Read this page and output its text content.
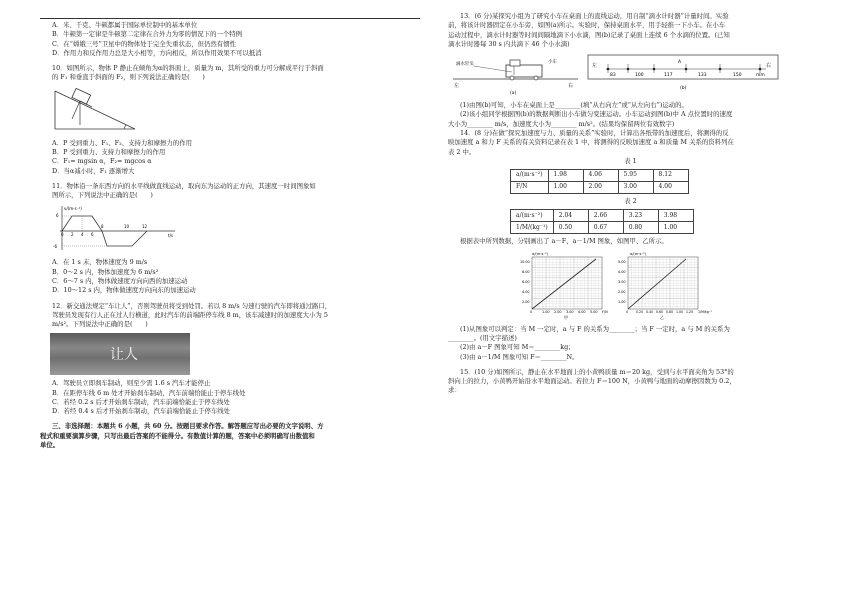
A．米、千克、牛顿都属于国际单位制中的基本单位
B．牛顿第一定律是牛顿第二定律在合外力为零的情况下的一个特例
C．在“嫦娥三号”卫星中的物体处于完全失重状态，但仍然有惯性
D．作用力和反作用力总是大小相等，方向相反，所以作用效果不可以抵消
10．如图所示，物体 P 静止在倾角为α的斜面上，质量为 m，其所受的重力可分解成平行于斜面
的 F₁ 和垂直于斜面的 F₂，则下列说法正确的是(　　)
A．P 受到重力、F₁、F₂、支持力和摩擦力的作用
B．P 受到重力、支持力和摩擦力的作用
C．F₁= mgsin α，F₂= mgcos α
D．当α减小时，F₁ 逐渐增大
11．物体沿一条东西方向的水平线做直线运动，取向东为运动的正方向，其速度一时间图象如
图所示，下列说法中正确的是(　　)
v/(m·s⁻¹)
t/s
6
-6
0 2 4 6
8	10	12
A．在 1 s 末，物体速度为 9 m/s
B．0～2 s 内，物体加速度为 6 m/s²
C．6～7 s 内，物体做速度方向向西的加速运动
D．10～12 s 内，物体做速度方向向东的加速运动
12．新交通法规定“车让人”，否则驾驶员将受到处罚。若以 8 m/s 匀速行驶的汽车即将通过路口，
驾驶员发现有行人正在过人行横道，此时汽车的前端距停车线 8 m，该车减速时的加速度大小为 5
m/s²。下列说法中正确的是(　　)
让人
A．驾驶员立即刹车制动，则至少需 1.6 s 汽车才能停止
B．在距停车线 6 m 处才开始刹车制动，汽车前端恰能止于停车线处
C．若经 0.2 s 后才开始刹车制动，汽车前端恰能止于停车线处
D．若经 0.4 s 后才开始刹车制动，汽车前端恰能止于停车线处
三、非选择题：本题共 6 小题，共 60 分。按题目要求作答。解答题应写出必要的文字说明、方
程式和重要演算步骤，只写出最后答案的不能得分。有数值计算的题，答案中必须明确写出数值和
单位。
13．(6 分)某探究小组为了研究小车在桌面上的直线运动，用自制“滴水计时器”计量时间。实验
前，将该计时器固定在小车旁，如图(a)所示。实验时，保持桌面水平，用手轻推一下小车。在小车
运动过程中，滴水计时器等时间间隔地滴下小水滴，图(b)记录了桌面上连续 6 个水滴的位置。(已知
滴水计时器每 30 s 内共滴下 46 个小水滴)
滴水针头	小车
左	右
(a)
左	右
A
83	100	117	133	150	mm
(b)
(1)由图(b)可知，小车在桌面上是________(填“从右向左”或“从左向右”)运动的。
(2)该小组同学根据图(b)的数据判断出小车做匀变速运动。小车运动到图(b)中 A 点位置时的速度
大小为________ m/s，加速度大小为________ m/s²。(结果均保留两位有效数字)
14．(8 分)在做“探究加速度与力、质量的关系”实验时，计算出各纸带的加速度后，将测得的反
映加速度 a 和力 F 关系的有关资料记录在表 1 中，将测得的反映加速度 a 和质量 M 关系的资料列在
表 2 中。
表 1
a/(m·s⁻²)	1.98	4.06	5.95	8.12
F/N	1.00	2.00	3.00	4.00
表 2
a/(m·s⁻²)	2.04	2.66	3.23	3.98
1/M/(kg⁻¹)	0.50	0.67	0.80	1.00
根据表中所列数据，分别画出了 a－F、a－1/M 图象，如图甲、乙所示。
a/(m·s⁻²)
10.00
8.00
6.00
4.00
2.00
0	1.00 2.00 3.00 4.00 5.00 F/N
甲
a/(m·s⁻²)
5.00
4.00
3.00
2.00
1.00
0 0.20 0.40 0.60 0.80 1.00 1.20 1/M/kg⁻¹
乙
(1)从图象可以判定：当 M 一定时，a 与 F 的关系为________；当 F 一定时，a 与 M 的关系为
________。(用文字描述)
(2)由 a－F 图象可知 M＝________kg；
(3)由 a－1/M 图象可知 F＝________N。
15．(10 分)如图所示，静止在水平地面上的小黄鸭质量 m＝20 kg，受到与水平面夹角为 53°的
斜向上的拉力，小黄鸭开始沿水平地面运动。若拉力 F＝100 N，小黄鸭与地面的动摩擦因数为 0.2，
求：
